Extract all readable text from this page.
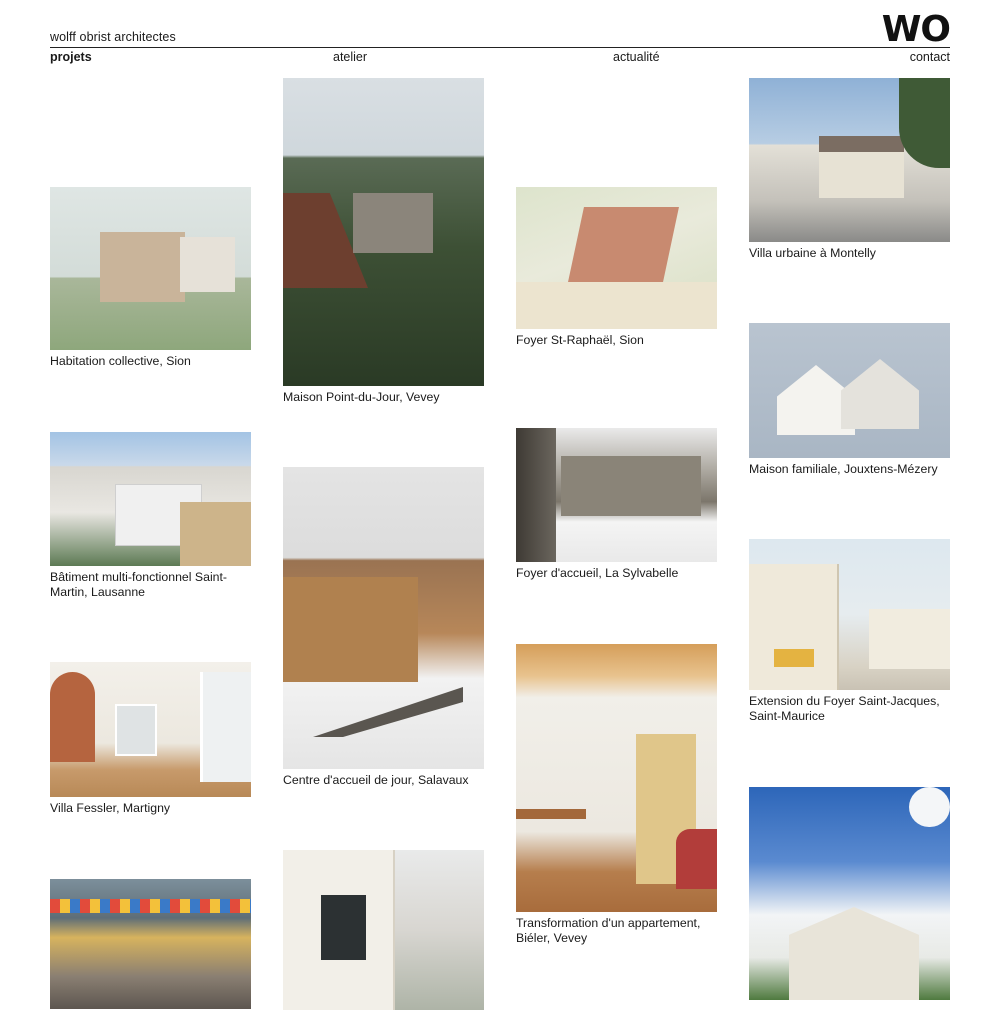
wolff obrist architectes	WO
projets	atelier	actualité	contact
Habitation collective, Sion
Bâtiment multi-fonctionnel Saint-Martin, Lausanne
Villa Fessler, Martigny
Maison Point-du-Jour, Vevey
Centre d'accueil de jour, Salavaux
Foyer St-Raphaël, Sion
Foyer d'accueil, La Sylvabelle
Transformation d'un appartement, Biéler, Vevey
Villa urbaine à Montelly
Maison familiale, Jouxtens-Mézery
Extension du Foyer Saint-Jacques, Saint-Maurice
